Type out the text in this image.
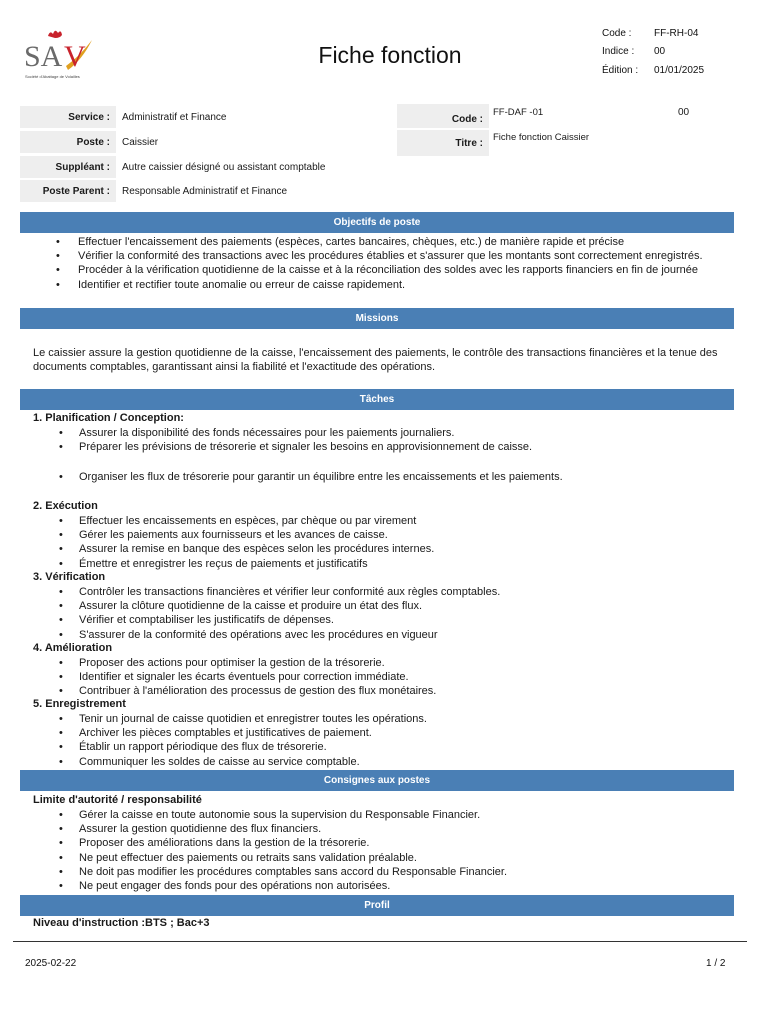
SA V
Société d'Abattage de Volailles
Fiche fonction
Code : FF-RH-04
Indice : 00
Édition : 01/01/2025
Service :	Administratif et Finance
Poste :	Caissier
Suppléant :	Autre caissier désigné ou assistant comptable
Poste Parent :	Responsable Administratif et Finance
Code :
FF-DAF -01	00
Titre :	Fiche fonction Caissier
Objectifs de poste
• Effectuer l'encaissement des paiements (espèces, cartes bancaires, chèques, etc.) de manière rapide et précise
• Vérifier la conformité des transactions avec les procédures établies et s'assurer que les montants sont correctement enregistrés.
• Procéder à la vérification quotidienne de la caisse et à la réconciliation des soldes avec les rapports financiers en fin de journée
• Identifier et rectifier toute anomalie ou erreur de caisse rapidement.
Missions
Le caissier assure la gestion quotidienne de la caisse, l'encaissement des paiements, le contrôle des transactions financières et la tenue des documents comptables, garantissant ainsi la fiabilité et l'exactitude des opérations.
Tâches
1. Planification / Conception:
• Assurer la disponibilité des fonds nécessaires pour les paiements journaliers.
• Préparer les prévisions de trésorerie et signaler les besoins en approvisionnement de caisse.
• Organiser les flux de trésorerie pour garantir un équilibre entre les encaissements et les paiements.
2. Exécution
• Effectuer les encaissements en espèces, par chèque ou par virement
• Gérer les paiements aux fournisseurs et les avances de caisse.
• Assurer la remise en banque des espèces selon les procédures internes.
• Émettre et enregistrer les reçus de paiements et justificatifs
3. Vérification
• Contrôler les transactions financières et vérifier leur conformité aux règles comptables.
• Assurer la clôture quotidienne de la caisse et produire un état des flux.
• Vérifier et comptabiliser les justificatifs de dépenses.
• S'assurer de la conformité des opérations avec les procédures en vigueur
4. Amélioration
• Proposer des actions pour optimiser la gestion de la trésorerie.
• Identifier et signaler les écarts éventuels pour correction immédiate.
• Contribuer à l'amélioration des processus de gestion des flux monétaires.
5. Enregistrement
• Tenir un journal de caisse quotidien et enregistrer toutes les opérations.
• Archiver les pièces comptables et justificatives de paiement.
• Établir un rapport périodique des flux de trésorerie.
• Communiquer les soldes de caisse au service comptable.
Consignes aux postes
Limite d'autorité / responsabilité
• Gérer la caisse en toute autonomie sous la supervision du Responsable Financier.
• Assurer la gestion quotidienne des flux financiers.
• Proposer des améliorations dans la gestion de la trésorerie.
• Ne peut effectuer des paiements ou retraits sans validation préalable.
• Ne doit pas modifier les procédures comptables sans accord du Responsable Financier.
• Ne peut engager des fonds pour des opérations non autorisées.
Profil
Niveau d'instruction :BTS ; Bac+3
2025-02-22	1 / 2
